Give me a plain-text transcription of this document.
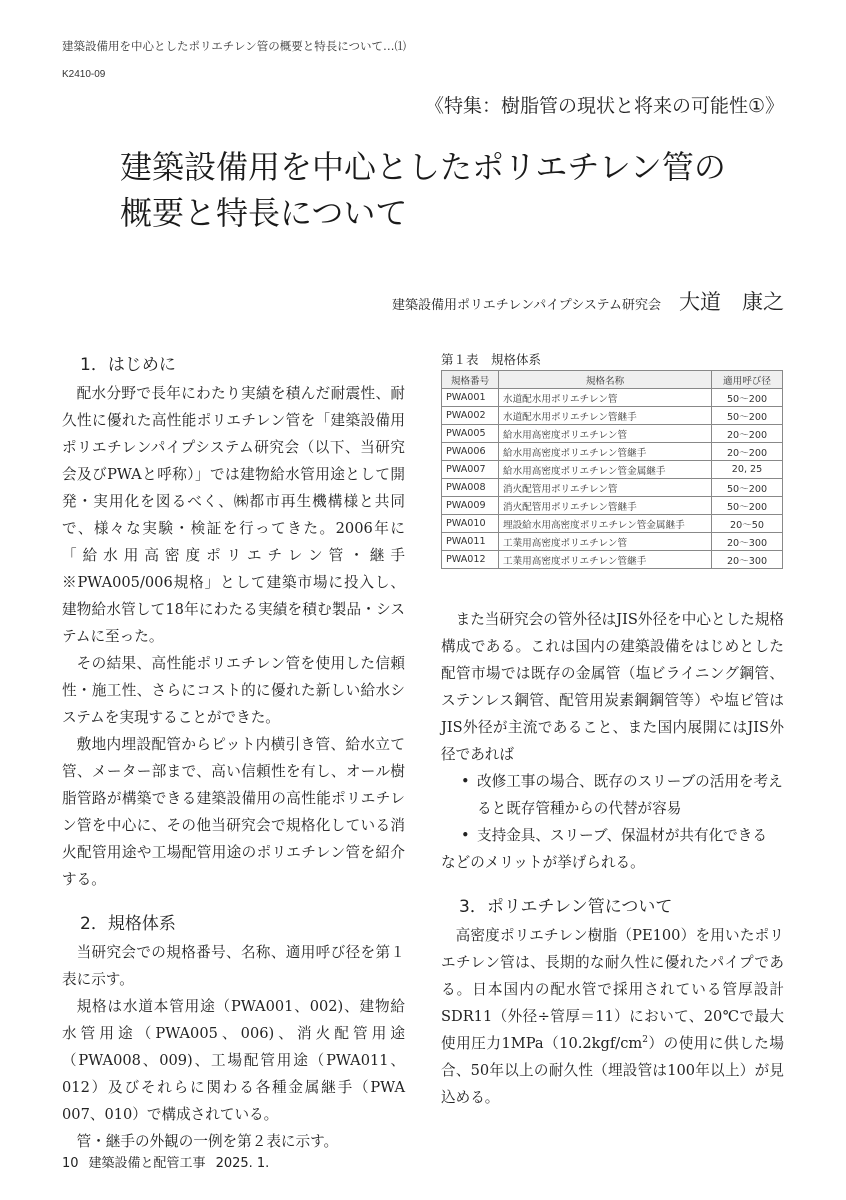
建築設備用を中心としたポリエチレン管の概要と特長について…⑴
K2410-09
《特集：樹脂管の現状と将来の可能性①》
建築設備用を中心としたポリエチレン管の
概要と特長について
建築設備用ポリエチレンパイプシステム研究会 大道　康之
1．はじめに

配水分野で長年にわたり実績を積んだ耐震性、耐久性に優れた高性能ポリエチレン管を「建築設備用ポリエチレンパイプシステム研究会（以下、当研究会及びPWAと呼称）」では建物給水管用途として開発・実用化を図るべく、㈱都市再生機構様と共同で、様々な実験・検証を行ってきた。2006年に「給水用高密度ポリエチレン管・継手※PWA005/006規格」として建築市場に投入し、建物給水管して18年にわたる実績を積む製品・システムに至った。

その結果、高性能ポリエチレン管を使用した信頼性・施工性、さらにコスト的に優れた新しい給水システムを実現することができた。

敷地内埋設配管からピット内横引き管、給水立て管、メーター部まで、高い信頼性を有し、オール樹脂管路が構築できる建築設備用の高性能ポリエチレン管を中心に、その他当研究会で規格化している消火配管用途や工場配管用途のポリエチレン管を紹介する。

2．規格体系

当研究会での規格番号、名称、適用呼び径を第１表に示す。

規格は水道本管用途（PWA001、002)、建物給水管用途（PWA005、006)、消火配管用途（PWA008、009)、工場配管用途（PWA011、012）及びそれらに関わる各種金属継手（PWA 007、010）で構成されている。

管・継手の外観の一例を第２表に示す。

第１表　規格体系
規格番号	規格名称	適用呼び径
PWA001	水道配水用ポリエチレン管	50～200
PWA002	水道配水用ポリエチレン管継手	50～200
PWA005	給水用高密度ポリエチレン管	20～200
PWA006	給水用高密度ポリエチレン管継手	20～200
PWA007	給水用高密度ポリエチレン管金属継手	20, 25
PWA008	消火配管用ポリエチレン管	50～200
PWA009	消火配管用ポリエチレン管継手	50～200
PWA010	埋設給水用高密度ポリエチレン管金属継手	20～50
PWA011	工業用高密度ポリエチレン管	20～300
PWA012	工業用高密度ポリエチレン管継手	20～300

また当研究会の管外径はJIS外径を中心とした規格構成である。これは国内の建築設備をはじめとした配管市場では既存の金属管（塩ビライニング鋼管、ステンレス鋼管、配管用炭素鋼鋼管等）や塩ビ管はJIS外径が主流であること、また国内展開にはJIS外径であれば

• 改修工事の場合、既存のスリーブの活用を考えると既存管種からの代替が容易
• 支持金具、スリーブ、保温材が共有化できる

などのメリットが挙げられる。

3．ポリエチレン管について

高密度ポリエチレン樹脂（PE100）を用いたポリエチレン管は、長期的な耐久性に優れたパイプである。日本国内の配水管で採用されている管厚設計SDR11（外径÷管厚＝11）において、20℃で最大使用圧力$1MPa(10.2kgf/cm^2)$の使用に供した場合、50年以上の耐久性（埋設管は100年以上）が見込める。

10 建築設備と配管工事 2025. 1.
